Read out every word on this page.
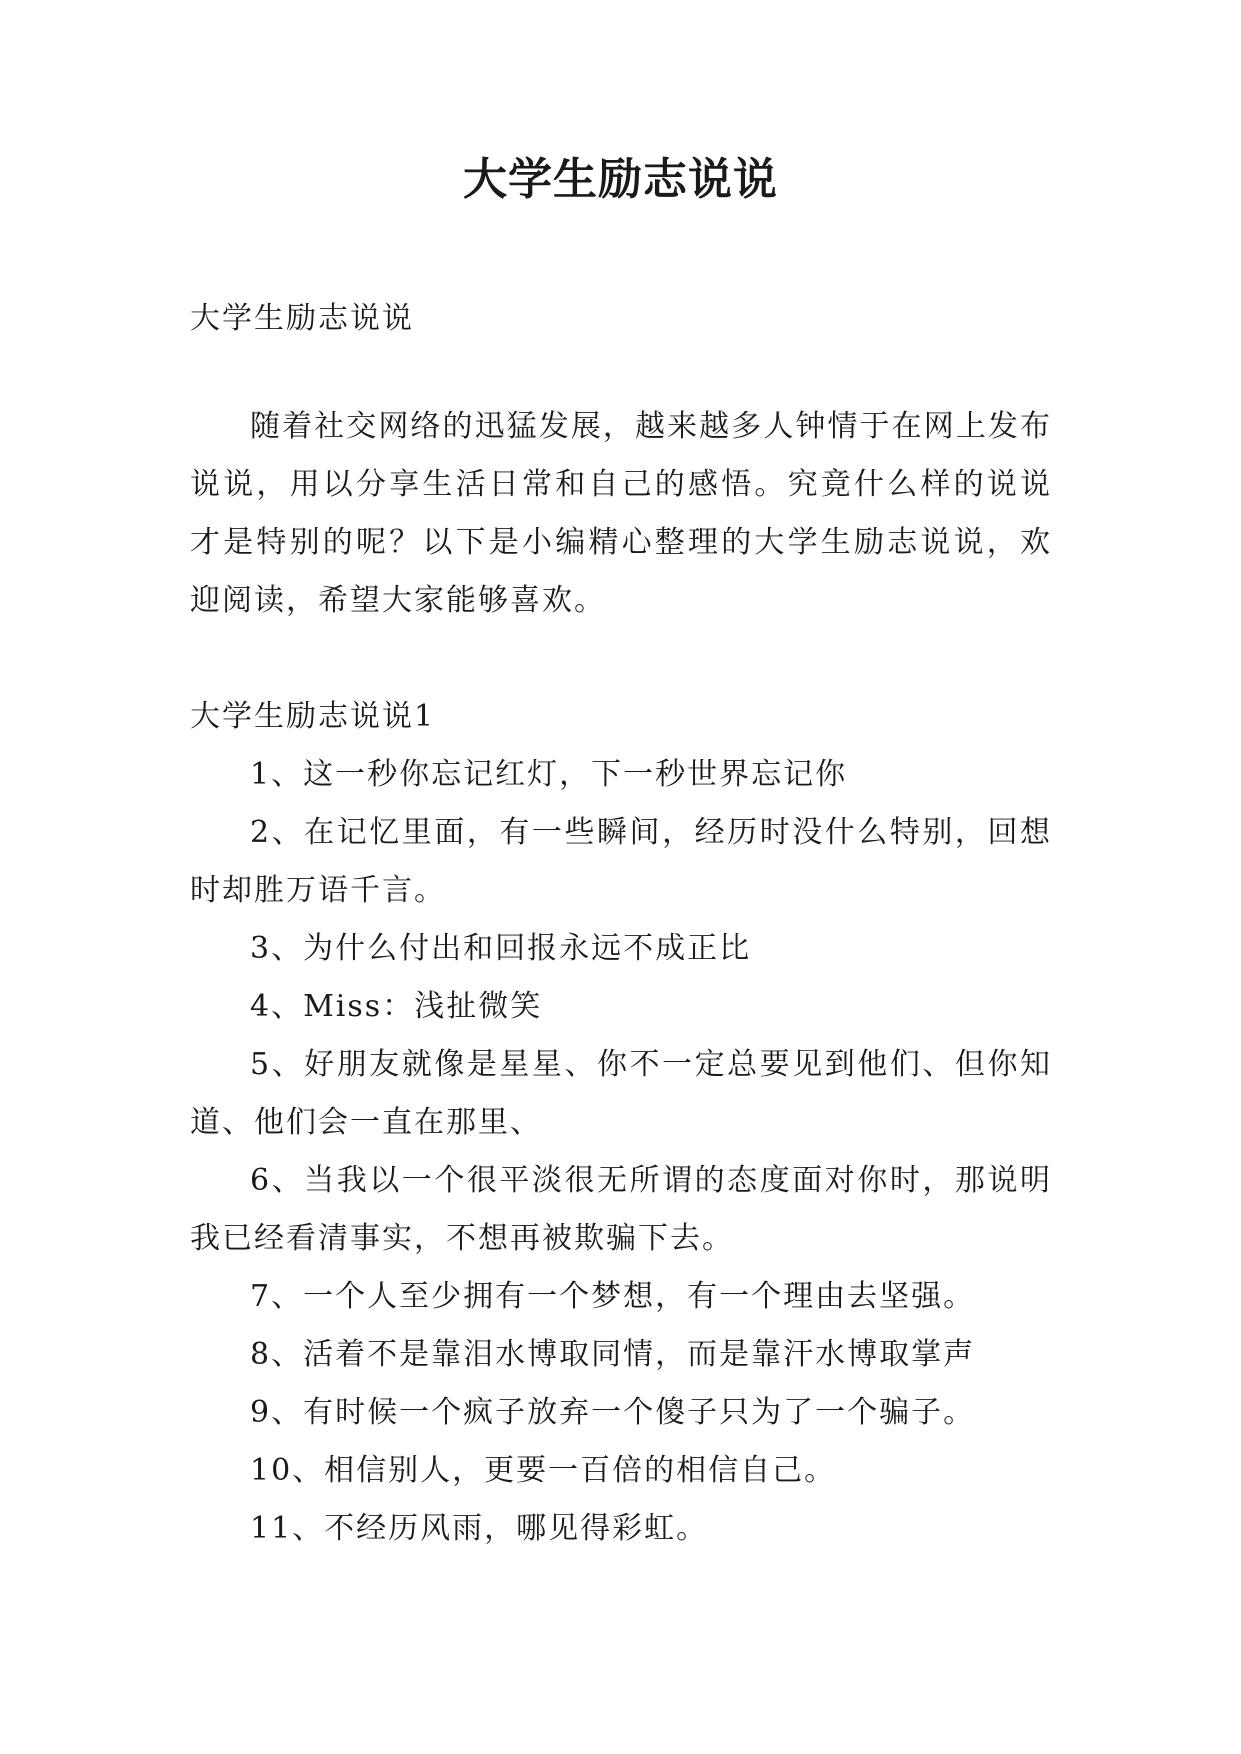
大学生励志说说

大学生励志说说

随着社交网络的迅猛发展，越来越多人钟情于在网上发布说说，用以分享生活日常和自己的感悟。究竟什么样的说说才是特别的呢？以下是小编精心整理的大学生励志说说，欢迎阅读，希望大家能够喜欢。

大学生励志说说1

1、这一秒你忘记红灯，下一秒世界忘记你

2、在记忆里面，有一些瞬间，经历时没什么特别，回想时却胜万语千言。

3、为什么付出和回报永远不成正比

4、Miss：浅扯微笑

5、好朋友就像是星星、你不一定总要见到他们、但你知道、他们会一直在那里、

6、当我以一个很平淡很无所谓的态度面对你时，那说明我已经看清事实，不想再被欺骗下去。

7、一个人至少拥有一个梦想，有一个理由去坚强。

8、活着不是靠泪水博取同情，而是靠汗水博取掌声

9、有时候一个疯子放弃一个傻子只为了一个骗子。

10、相信别人，更要一百倍的相信自己。

11、不经历风雨，哪见得彩虹。
